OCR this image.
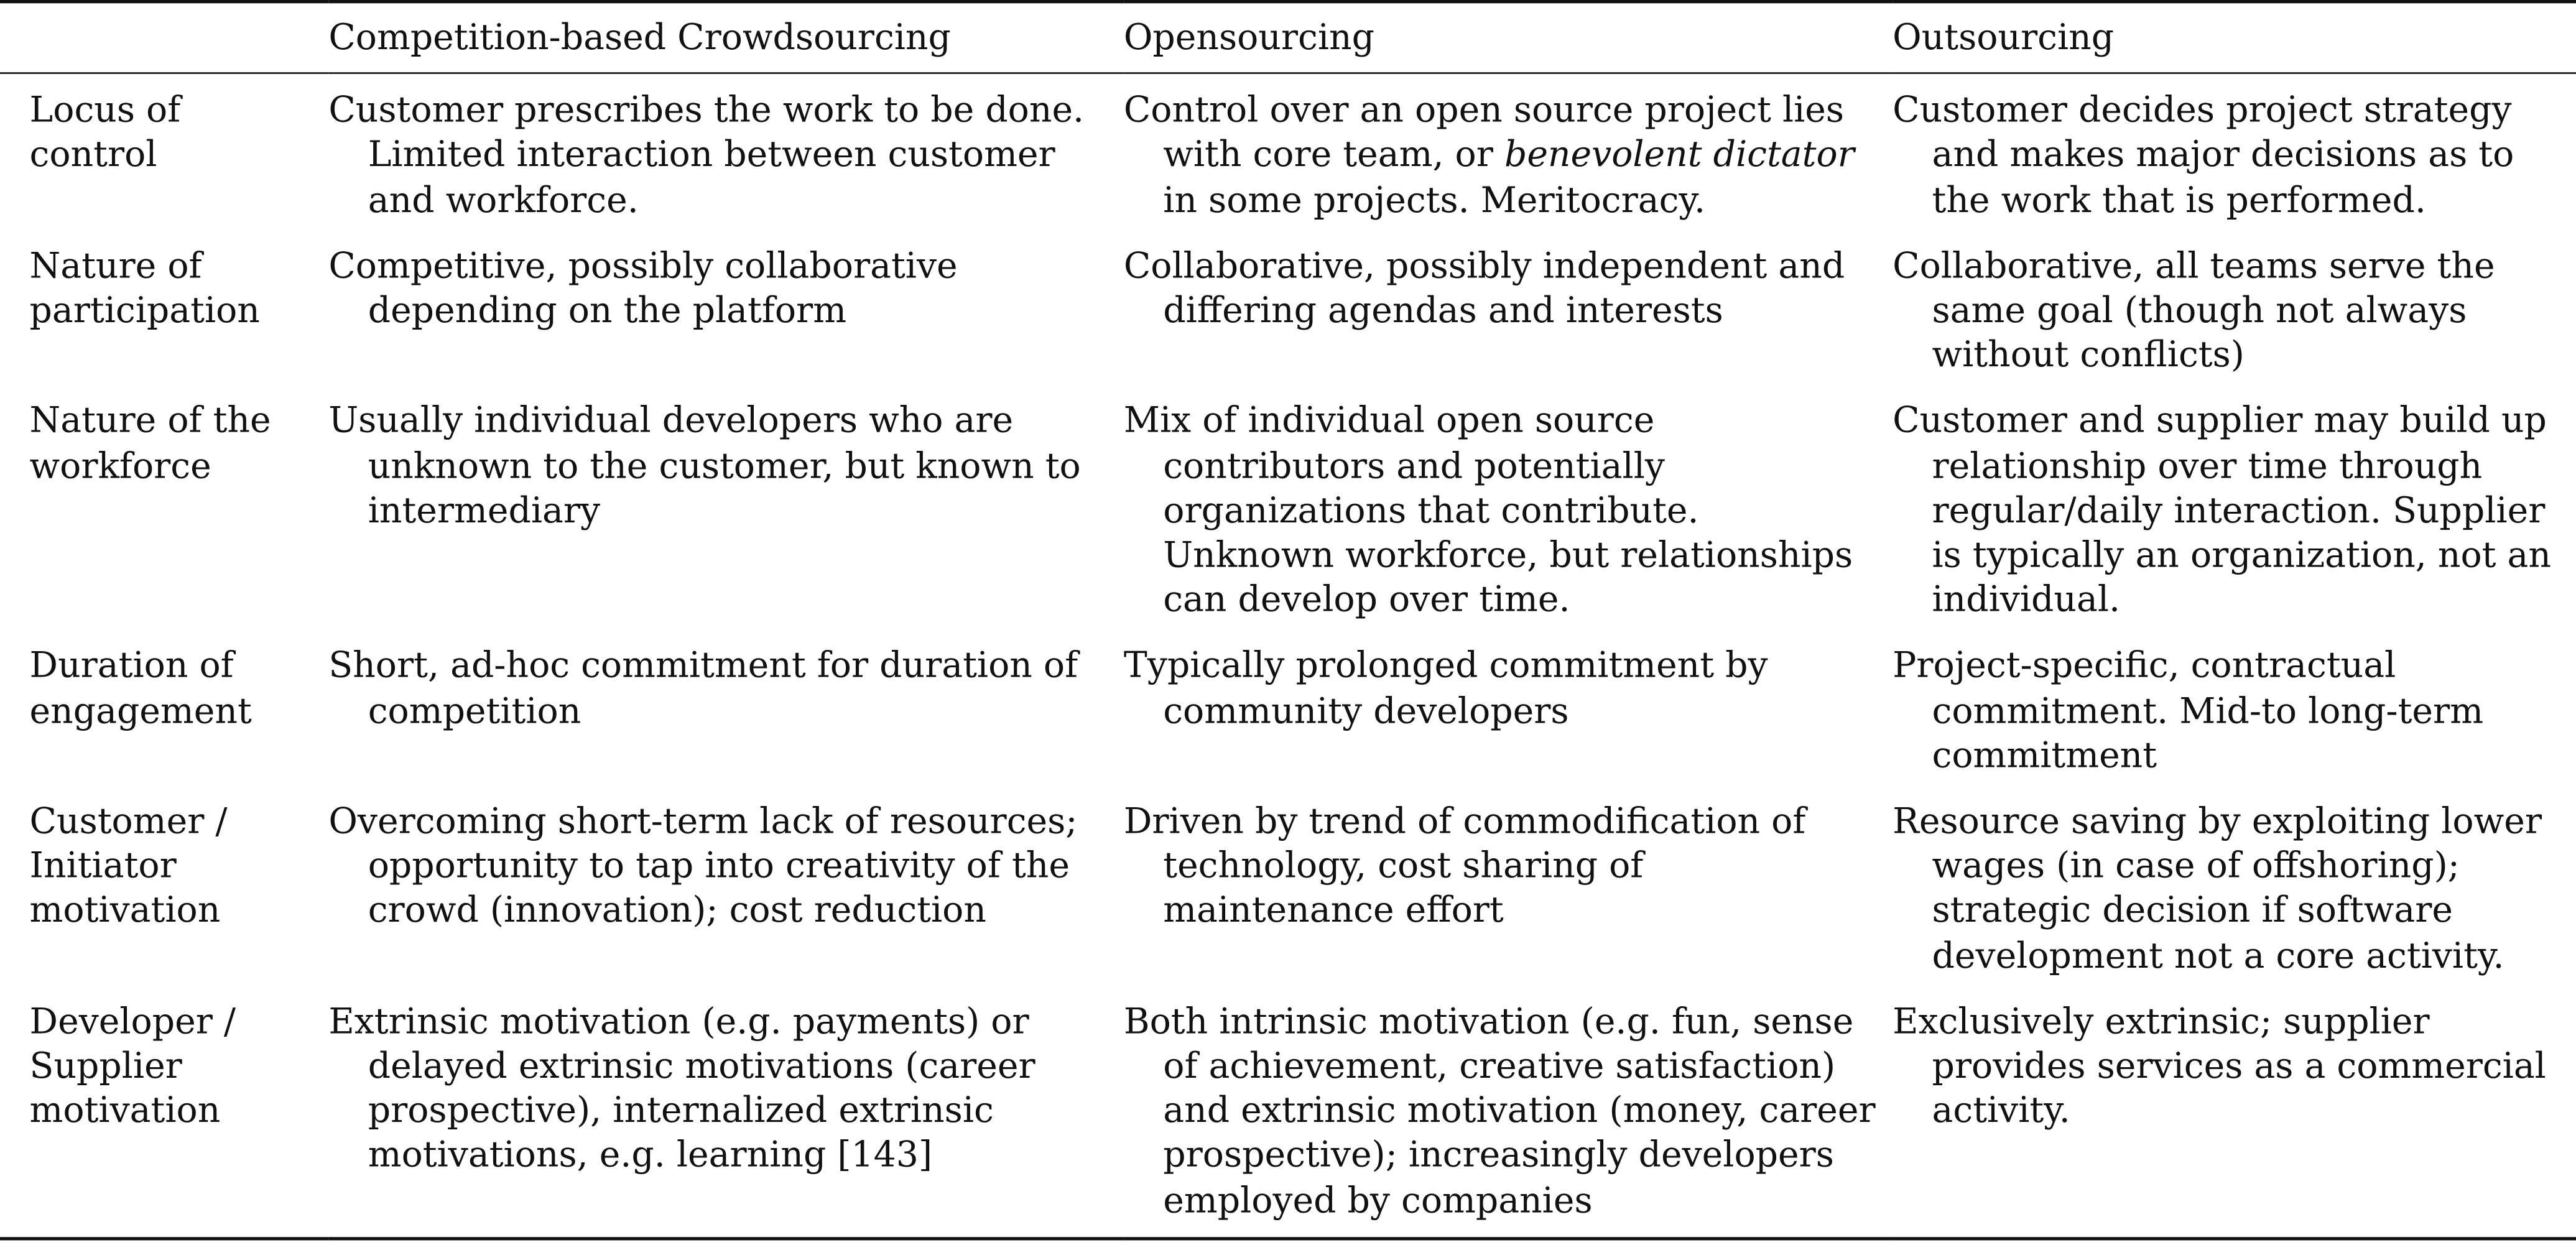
	Competition-based Crowdsourcing	Opensourcing	Outsourcing
Locus of control	Customer prescribes the work to be done. Limited interaction between customer and workforce.	Control over an open source project lies with core team, or benevolent dictator in some projects. Meritocracy.	Customer decides project strategy and makes major decisions as to the work that is performed.
Nature of participation	Competitive, possibly collaborative depending on the platform	Collaborative, possibly independent and differing agendas and interests	Collaborative, all teams serve the same goal (though not always without conflicts)
Nature of the workforce	Usually individual developers who are unknown to the customer, but known to intermediary	Mix of individual open source contributors and potentially organizations that contribute. Unknown workforce, but relationships can develop over time.	Customer and supplier may build up relationship over time through regular/daily interaction. Supplier is typically an organization, not an individual.
Duration of engagement	Short, ad-hoc commitment for duration of competition	Typically prolonged commitment by community developers	Project-specific, contractual commitment. Mid-to long-term commitment
Customer / Initiator motivation	Overcoming short-term lack of resources; opportunity to tap into creativity of the crowd (innovation); cost reduction	Driven by trend of commodification of technology, cost sharing of maintenance effort	Resource saving by exploiting lower wages (in case of offshoring); strategic decision if software development not a core activity.
Developer / Supplier motivation	Extrinsic motivation (e.g. payments) or delayed extrinsic motivations (career prospective), internalized extrinsic motivations, e.g. learning [143]	Both intrinsic motivation (e.g. fun, sense of achievement, creative satisfaction) and extrinsic motivation (money, career prospective); increasingly developers employed by companies	Exclusively extrinsic; supplier provides services as a commercial activity.
